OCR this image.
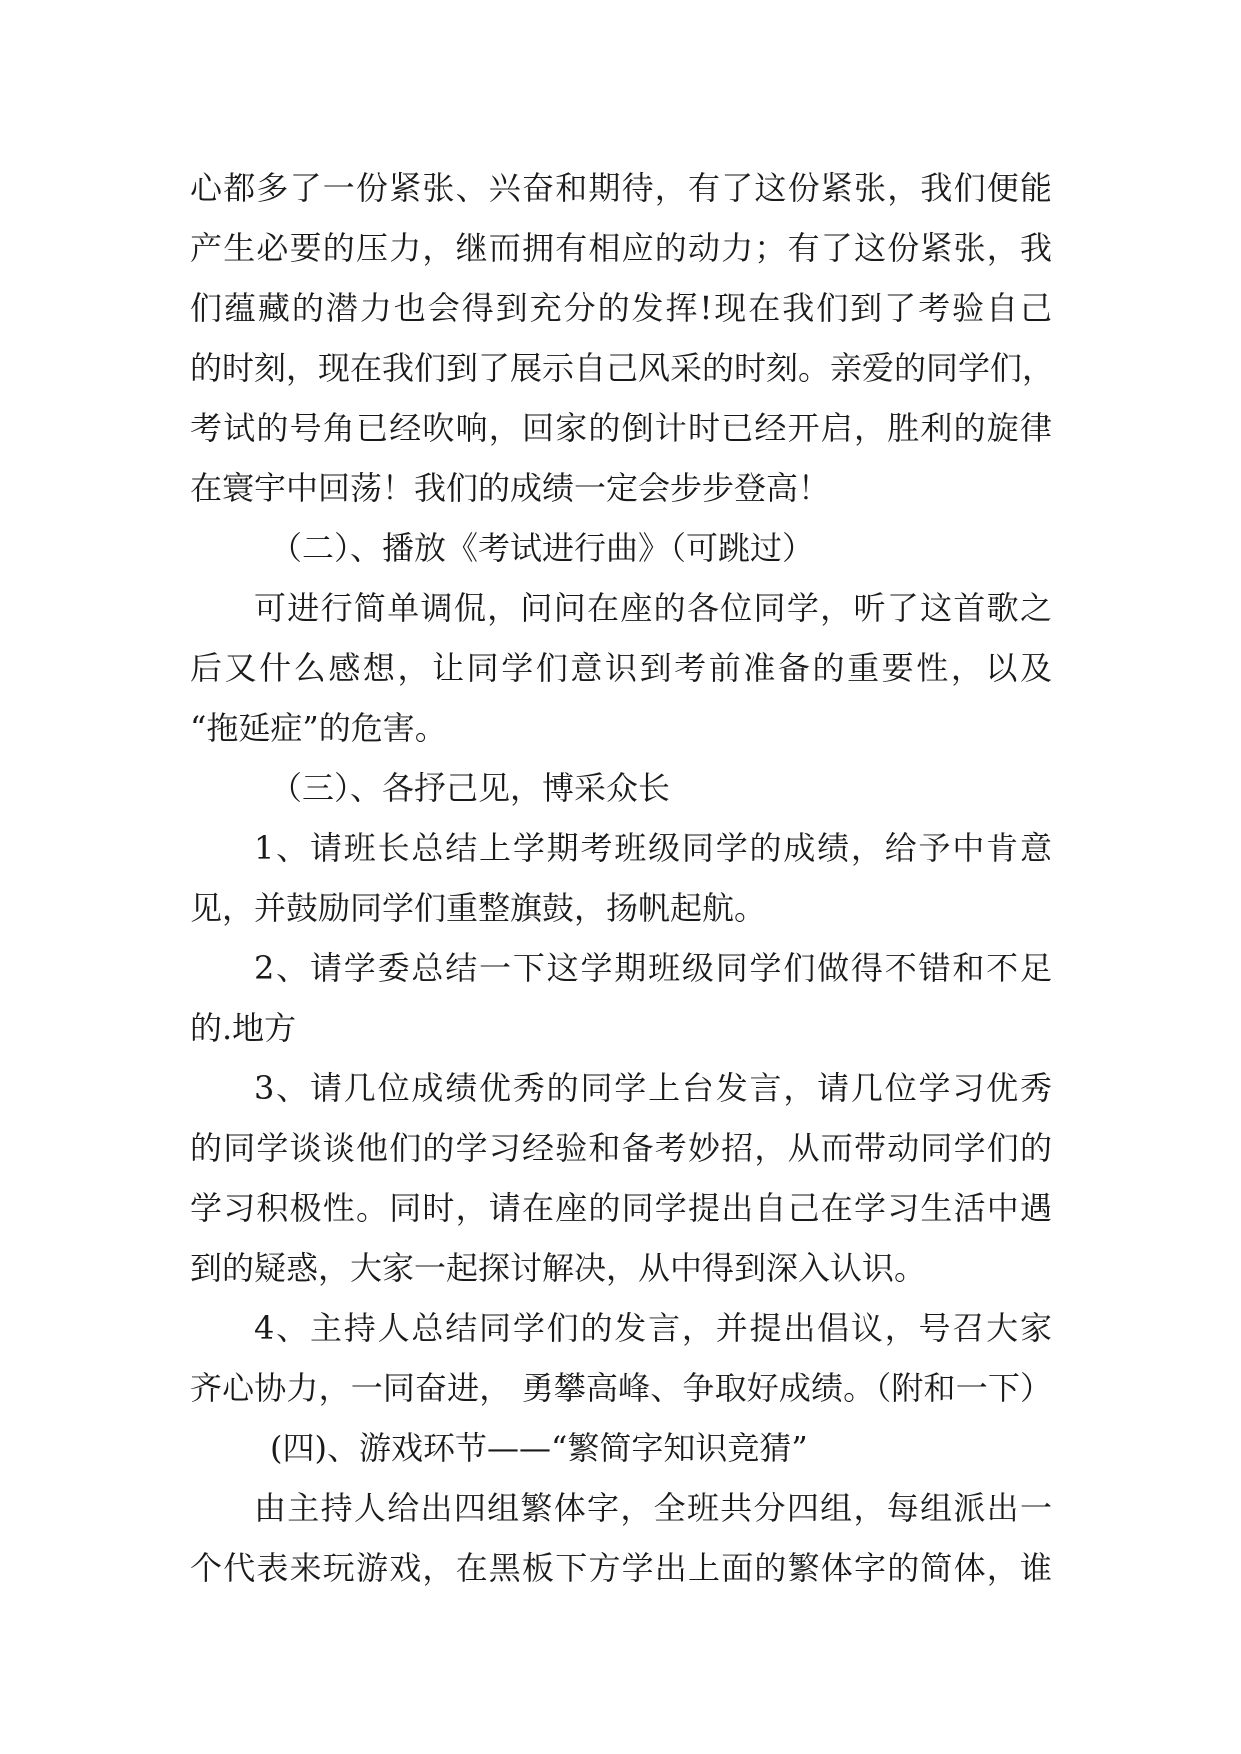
心都多了一份紧张、兴奋和期待，有了这份紧张，我们便能
产生必要的压力，继而拥有相应的动力；有了这份紧张，我
们蕴藏的潜力也会得到充分的发挥!现在我们到了考验自己
的时刻，现在我们到了展示自己风采的时刻。亲爱的同学们，
考试的号角已经吹响，回家的倒计时已经开启，胜利的旋律
在寰宇中回荡！我们的成绩一定会步步登高！
（二）、播放《考试进行曲》（可跳过）
可进行简单调侃，问问在座的各位同学，听了这首歌之
后又什么感想，让同学们意识到考前准备的重要性，以及
“拖延症”的危害。
（三）、各抒己见，博采众长
1、请班长总结上学期考班级同学的成绩，给予中肯意
见，并鼓励同学们重整旗鼓，扬帆起航。
2、请学委总结一下这学期班级同学们做得不错和不足
的.地方
3、请几位成绩优秀的同学上台发言，请几位学习优秀
的同学谈谈他们的学习经验和备考妙招，从而带动同学们的
学习积极性。同时，请在座的同学提出自己在学习生活中遇
到的疑惑，大家一起探讨解决，从中得到深入认识。
4、主持人总结同学们的发言，并提出倡议，号召大家
齐心协力，一同奋进， 勇攀高峰、争取好成绩。（附和一下）
(四)、游戏环节——“繁简字知识竞猜”
由主持人给出四组繁体字，全班共分四组，每组派出一
个代表来玩游戏，在黑板下方学出上面的繁体字的简体，谁
